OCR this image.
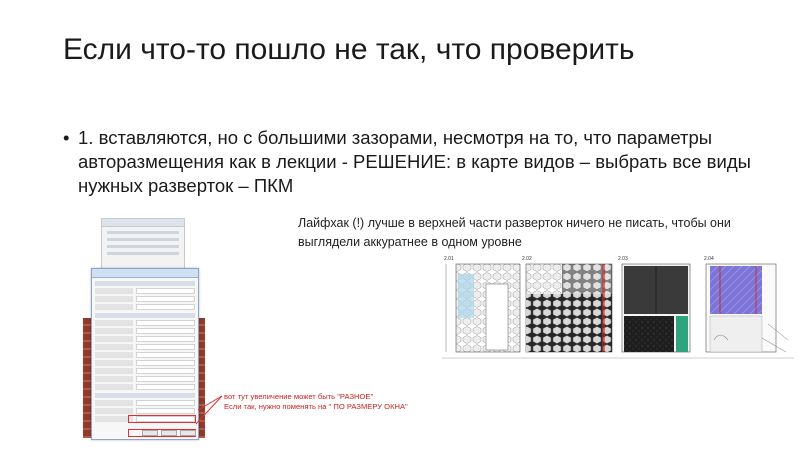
Если что-то пошло не так, что проверить
• 1. вставляются, но с большими зазорами, несмотря на то, что параметры авторазмещения как в лекции - РЕШЕНИЕ: в карте видов – выбрать все виды нужных разверток – ПКМ
вот тут увеличение может быть "РАЗНОЕ"
Если так, нужно поменять на " ПО РАЗМЕРУ ОКНА"
2.01	2.02	2.03	2.04
Лайфхак (!) лучше в верхней части разверток ничего не писать, чтобы они
выглядели аккуратнее в одном уровне
